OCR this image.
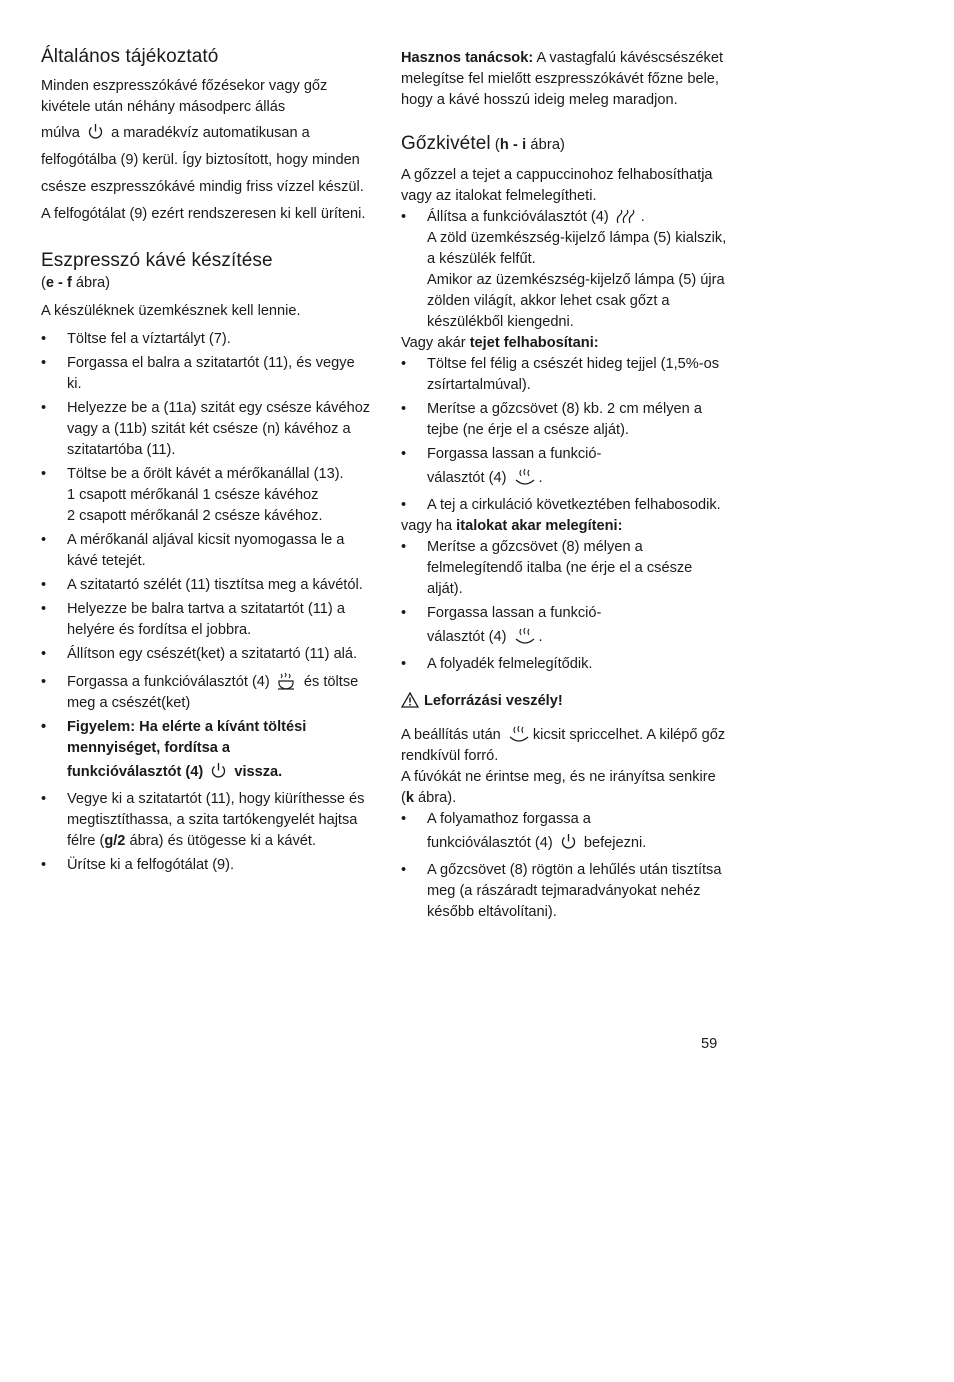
Általános tájékoztató

Minden eszpresszókávé főzésekor vagy gőz kivétele után néhány másodperc állás

múlva a maradékvíz automatikusan a felfogótálba (9) kerül. Így biztosított, hogy minden csésze eszpresszókávé mindig friss vízzel készül. A felfogótálat (9) ezért rendszeresen ki kell üríteni.

Eszpresszó kávé készítése

(e - f ábra)

A készüléknek üzemkésznek kell lennie.

• Töltse fel a víztartályt (7).
• Forgassa el balra a szitatartót (11), és vegye ki.
• Helyezze be a (11a) szitát egy csésze kávéhoz vagy a (11b) szitát két csésze (n) kávéhoz a szitatartóba (11).
• Töltse be a őrölt kávét a mérőkanállal (13).
1 csapott mérőkanál 1 csésze kávéhoz
2 csapott mérőkanál 2 csésze kávéhoz.
• A mérőkanál aljával kicsit nyomogassa le a kávé tetejét.
• A szitatartó szélét (11) tisztítsa meg a kávétól.
• Helyezze be balra tartva a szitatartót (11) a helyére és fordítsa el jobbra.
• Állítson egy csészét(ket) a szitatartó (11) alá.
• Forgassa a funkcióválasztót (4) és töltse meg a csészét(ket)
• Figyelem: Ha elérte a kívánt töltési mennyiséget, fordítsa a
funkcióválasztót (4) vissza.
• Vegye ki a szitatartót (11), hogy kiüríthesse és megtisztíthassa, a szita tartókengyelét hajtsa félre (g/2 ábra) és ütögesse ki a kávét.
• Ürítse ki a felfogótálat (9).

Hasznos tanácsok: A vastagfalú kávéscsészéket melegítse fel mielőtt eszpresszókávét főzne bele, hogy a kávé hosszú ideig meleg maradjon.

Gőzkivétel (h - i ábra)

A gőzzel a tejet a cappuccinohoz felhabosíthatja vagy az italokat felmelegítheti.

• Állítsa a funkcióválasztót (4) .
A zöld üzemkészség-kijelző lámpa (5) kialszik, a készülék felfűt.
Amikor az üzemkészség-kijelző lámpa (5) újra zölden világít, akkor lehet csak gőzt a készülékből kiengedni.

Vagy akár tejet felhabosítani:

• Töltse fel félig a csészét hideg tejjel (1,5%-os zsírtartalmúval).
• Merítse a gőzcsövet (8) kb. 2 cm mélyen a tejbe (ne érje el a csésze alját).
• Forgassa lassan a funkció-
választót (4) .
• A tej a cirkuláció következtében felhabosodik.

vagy ha italokat akar melegíteni:

• Merítse a gőzcsövet (8) mélyen a felmelegítendő italba (ne érje el a csésze alját).
• Forgassa lassan a funkció-
választót (4) .
• A folyadék felmelegítődik.

Leforrázási veszély!

A beállítás után kicsit spriccelhet. A kilépő gőz rendkívül forró.

A fúvókát ne érintse meg, és ne irányítsa senkire (k ábra).

• A folyamathoz forgassa a
funkcióválasztót (4) befejezni.
• A gőzcsövet (8) rögtön a lehűlés után tisztítsa meg (a rászáradt tejmaradványokat nehéz később eltávolítani).
59
